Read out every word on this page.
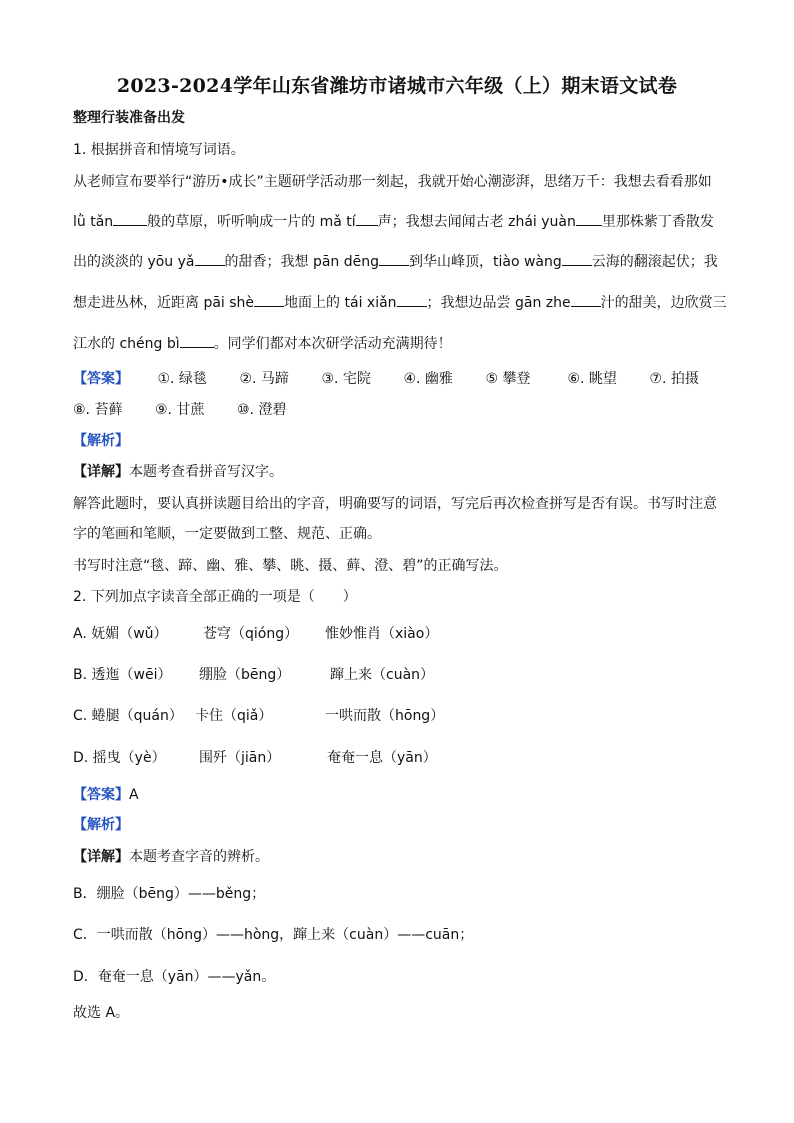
2023-2024学年山东省潍坊市诸城市六年级（上）期末语文试卷
整理行装准备出发
1. 根据拼音和情境写词语。
从老师宣布要举行“游历•成长”主题研学活动那一刻起，我就开始心潮澎湃，思绪万千：我想去看看那如
lǜ tǎn 般的草原，听听响成一片的 mǎ tí 声；我想去闻闻古老 zhái yuàn 里那株紫丁香散发
出的淡淡的 yōu yǎ 的甜香；我想 pān dēng 到华山峰顶，tiào wàng 云海的翻滚起伏；我
想走进丛林，近距离 pāi shè 地面上的 tái xiǎn ；我想边品尝 gān zhe 汁的甜美，边欣赏三
江水的 chéng bì 。同学们都对本次研学活动充满期待！
【答案】 ①. 绿毯 ②. 马蹄 ③. 宅院 ④. 幽雅 ⑤ 攀登	⑥. 眺望 ⑦. 拍摄
⑧. 苔藓 ⑨. 甘蔗 ⑩. 澄碧
【解析】
【详解】本题考查看拼音写汉字。
解答此题时，要认真拼读题目给出的字音，明确要写的词语，写完后再次检查拼写是否有误。书写时注意
字的笔画和笔顺，一定要做到工整、规范、正确。
书写时注意“毯、蹄、幽、雅、攀、眺、摄、藓、澄、碧”的正确写法。
2. 下列加点字读音全部正确的一项是（　　）
A. 妩媚（wǔ）	苍穹（qióng） 惟妙惟肖（xiào）
B. 透迤（wēi） 绷脸（bēng）	蹿上来（cuàn）
C. 蜷腿（quán） 卡住（qiǎ）	一哄而散（hōng）
D. 摇曳（yè） 围歼（jiān）	奄奄一息（yān）
【答案】A
【解析】
【详解】本题考查字音的辨析。
B．绷脸（bēng）——běng；
C．一哄而散（hōng）——hòng，蹿上来（cuàn）——cuān；
D．奄奄一息（yān）——yǎn。
故选 A。
